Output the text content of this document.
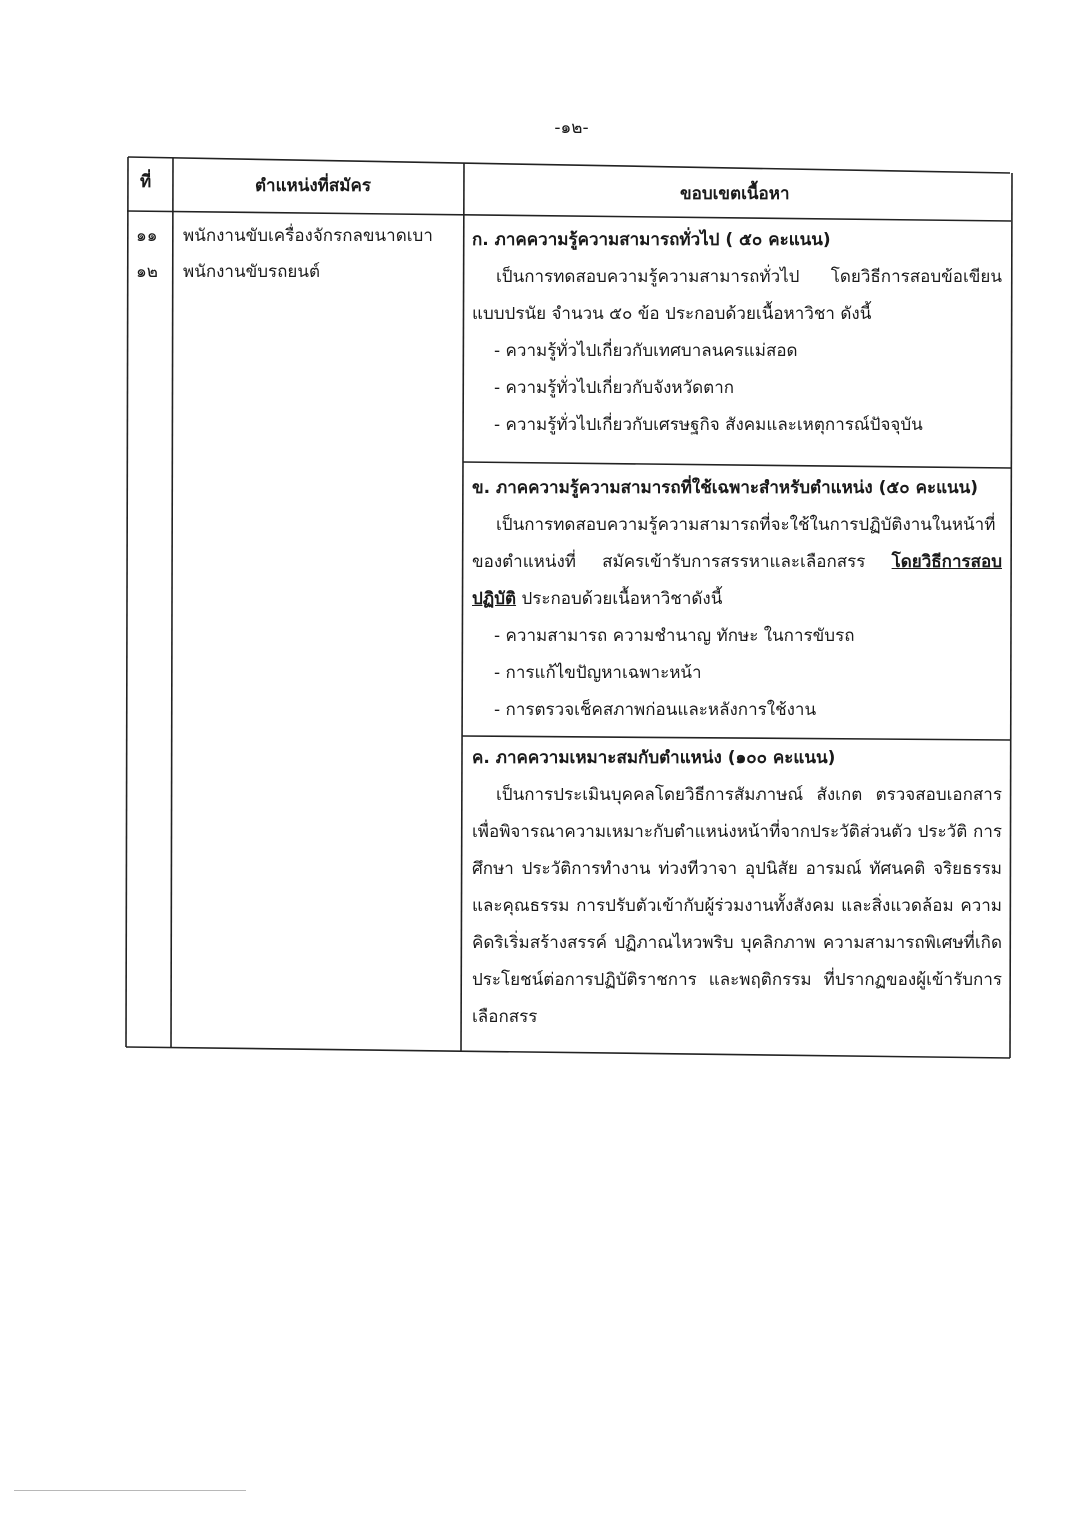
-๑๒-
ที่	ตำแหน่งที่สมัคร	ขอบเขตเนื้อหา
๑๑
๑๒
พนักงานขับเครื่องจักรกลขนาดเบา
พนักงานขับรถยนต์
ก. ภาคความรู้ความสามารถทั่วไป ( ๕๐ คะแนน)
เป็นการทดสอบความรู้ความสามารถทั่วไป โดยวิธีการสอบข้อเขียนแบบปรนัย จำนวน ๕๐ ข้อ ประกอบด้วยเนื้อหาวิชา ดังนี้
- ความรู้ทั่วไปเกี่ยวกับเทศบาลนครแม่สอด
- ความรู้ทั่วไปเกี่ยวกับจังหวัดตาก
- ความรู้ทั่วไปเกี่ยวกับเศรษฐกิจ สังคมและเหตุการณ์ปัจจุบัน
ข. ภาคความรู้ความสามารถที่ใช้เฉพาะสำหรับตำแหน่ง (๕๐ คะแนน)
เป็นการทดสอบความรู้ความสามารถที่จะใช้ในการปฏิบัติงานในหน้าที่ ของตำแหน่งที่ สมัครเข้ารับการสรรหาและเลือกสรร โดยวิธีการสอบปฏิบัติ ประกอบด้วยเนื้อหาวิชาดังนี้
- ความสามารถ ความชำนาญ ทักษะ ในการขับรถ
- การแก้ไขปัญหาเฉพาะหน้า
- การตรวจเช็คสภาพก่อนและหลังการใช้งาน
ค. ภาคความเหมาะสมกับตำแหน่ง (๑๐๐ คะแนน)
เป็นการประเมินบุคคลโดยวิธีการสัมภาษณ์ สังเกต ตรวจสอบเอกสาร เพื่อพิจารณาความเหมาะกับตำแหน่งหน้าที่จากประวัติส่วนตัว ประวัติ การศึกษา ประวัติการทำงาน ท่วงทีวาจา อุปนิสัย อารมณ์ ทัศนคติ จริยธรรมและคุณธรรม การปรับตัวเข้ากับผู้ร่วมงานทั้งสังคม และสิ่งแวดล้อม ความคิดริเริ่มสร้างสรรค์ ปฏิภาณไหวพริบ บุคลิกภาพ ความสามารถพิเศษที่เกิดประโยชน์ต่อการปฏิบัติราชการ และพฤติกรรม ที่ปรากฏของผู้เข้ารับการเลือกสรร
